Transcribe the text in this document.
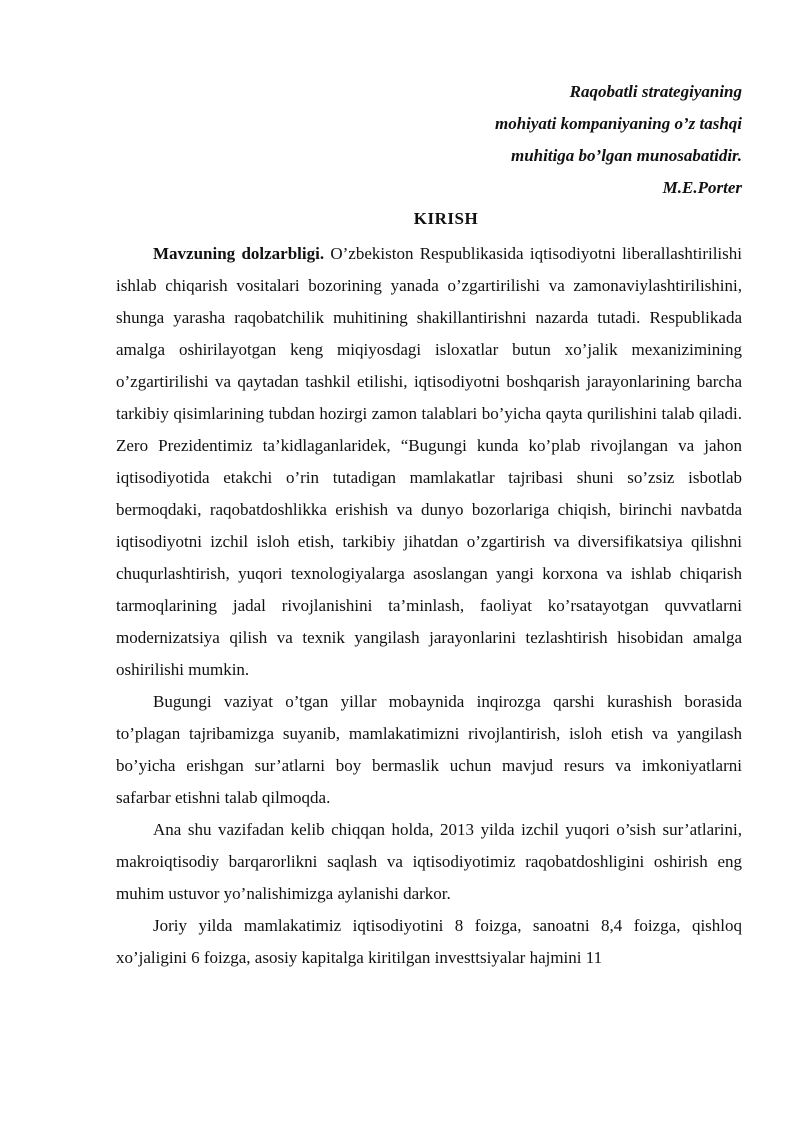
Raqobatli strategiyaning
mohiyati kompaniyaning o’z tashqi
muhitiga bo’lgan munosabatidir.
M.E.Porter
KIRISH

Mavzuning dolzarbligi. O’zbekiston Respublikasida iqtisodiyotni liberallashtirilishi ishlab chiqarish vositalari bozorining yanada o’zgartirilishi va zamonaviylashtirilishini, shunga yarasha raqobatchilik muhitining shakillantirishni nazarda tutadi. Respublikada amalga oshirilayotgan keng miqiyosdagi isloxatlar butun xo’jalik mexanizimining o’zgartirilishi va qaytadan tashkil etilishi, iqtisodiyotni boshqarish jarayonlarining barcha tarkibiy qisimlarining tubdan hozirgi zamon talablari bo’yicha qayta qurilishini talab qiladi. Zero Prezidentimiz ta’kidlaganlaridek, “Bugungi kunda ko’plab rivojlangan va jahon iqtisodiyotida etakchi o’rin tutadigan mamlakatlar tajribasi shuni so’zsiz isbotlab bermoqdaki, raqobatdoshlikka erishish va dunyo bozorlariga chiqish, birinchi navbatda iqtisodiyotni izchil isloh etish, tarkibiy jihatdan o’zgartirish va diversifikatsiya qilishni chuqurlashtirish, yuqori texnologiyalarga asoslangan yangi korxona va ishlab chiqarish tarmoqlarining jadal rivojlanishini ta’minlash, faoliyat ko’rsatayotgan quvvatlarni modernizatsiya qilish va texnik yangilash jarayonlarini tezlashtirish hisobidan amalga oshirilishi mumkin.

Bugungi vaziyat o’tgan yillar mobaynida inqirozga qarshi kurashish borasida to’plagan tajribamizga suyanib, mamlakatimizni rivojlantirish, isloh etish va yangilash bo’yicha erishgan sur’atlarni boy bermaslik uchun mavjud resurs va imkoniyatlarni safarbar etishni talab qilmoqda.

Ana shu vazifadan kelib chiqqan holda, 2013 yilda izchil yuqori o’sish sur’atlarini, makroiqtisodiy barqarorlikni saqlash va iqtisodiyotimiz raqobatdoshligini oshirish eng muhim ustuvor yo’nalishimizga aylanishi darkor.

Joriy yilda mamlakatimiz iqtisodiyotini 8 foizga, sanoatni 8,4 foizga, qishloq xo’jaligini 6 foizga, asosiy kapitalga kiritilgan investtsiyalar hajmini 11
